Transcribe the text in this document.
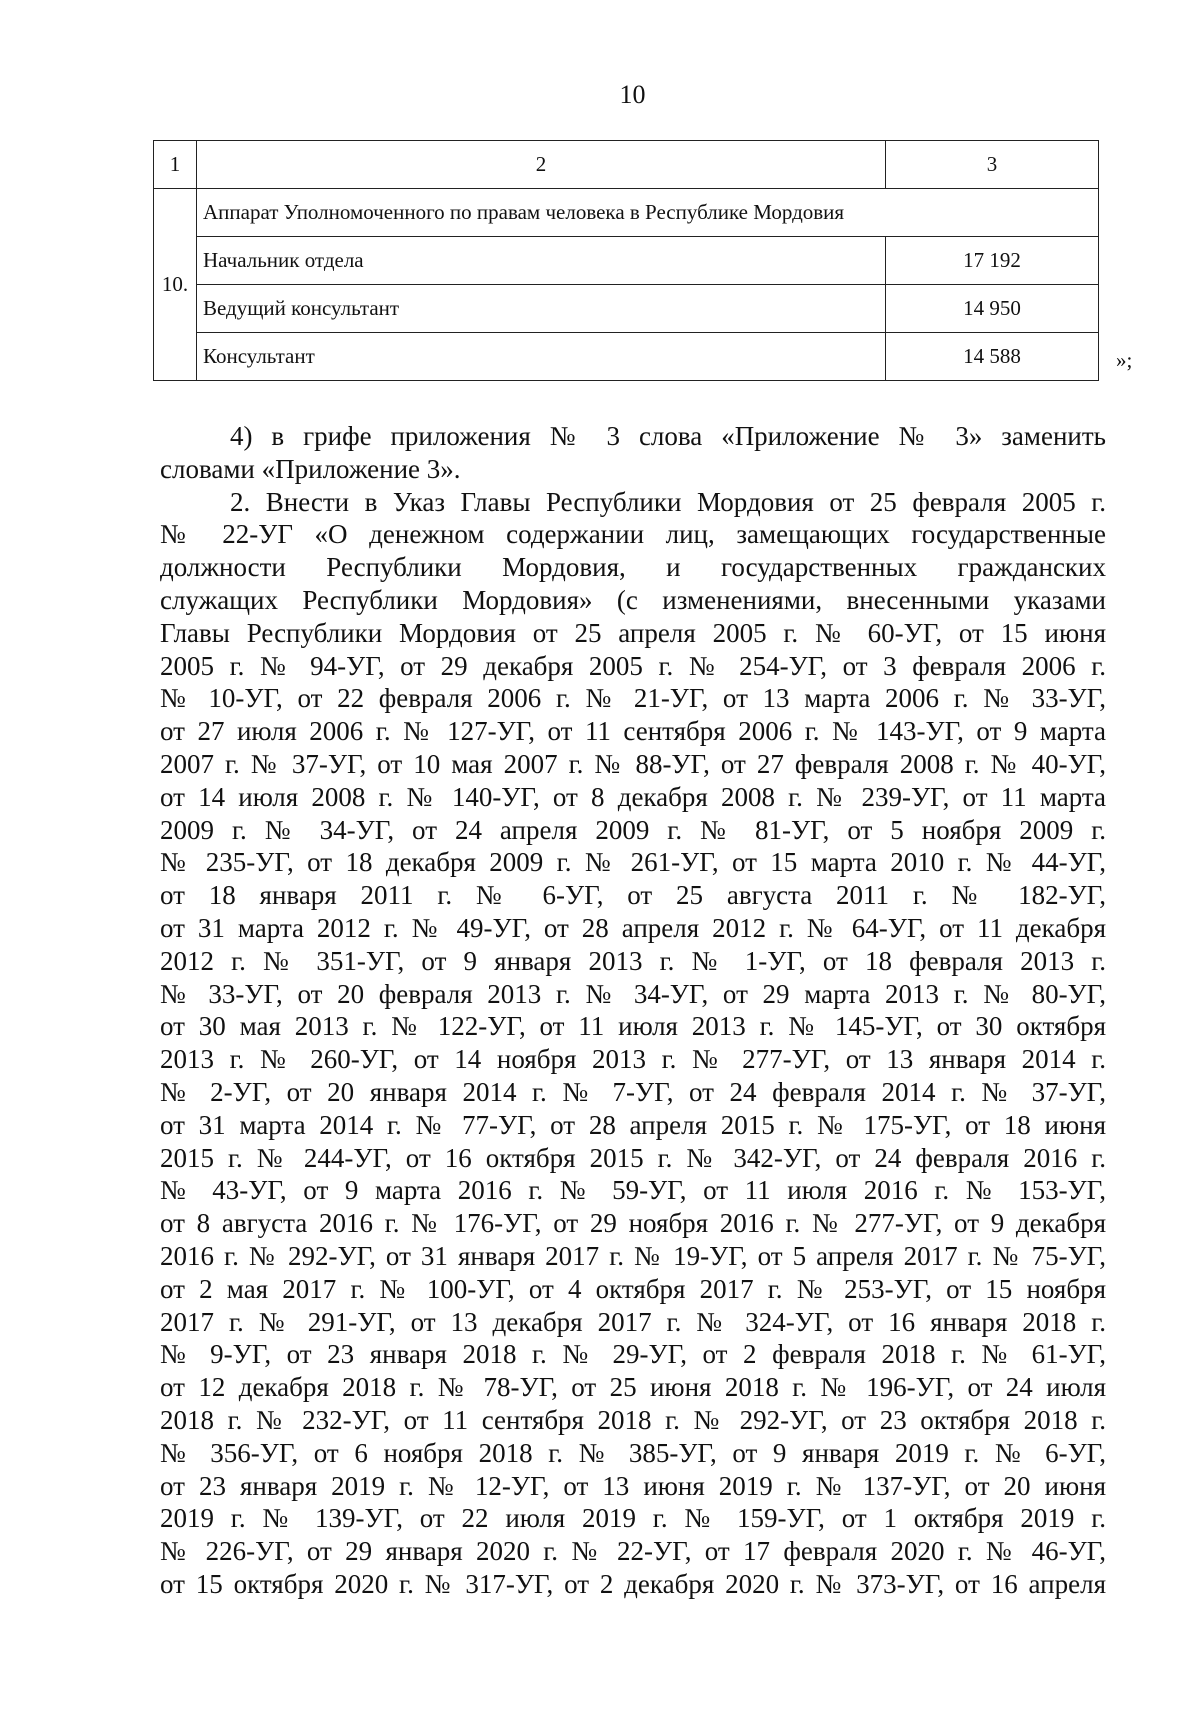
10
1	2	3
10.	Аппарат Уполномоченного по правам человека в Республике Мордовия	
	Начальник отдела	17 192
	Ведущий консультант	14 950
	Консультант	14 588	»;
4) в грифе приложения № 3 слова «Приложение № 3» заменить
словами «Приложение 3».
2. Внести в Указ Главы Республики Мордовия от 25 февраля 2005 г.
№ 22-УГ «О денежном содержании лиц, замещающих государственные
должности Республики Мордовия, и государственных гражданских
служащих Республики Мордовия» (с изменениями, внесенными указами
Главы Республики Мордовия от 25 апреля 2005 г. № 60-УГ, от 15 июня
2005 г. № 94-УГ, от 29 декабря 2005 г. № 254-УГ, от 3 февраля 2006 г.
№ 10-УГ, от 22 февраля 2006 г. № 21-УГ, от 13 марта 2006 г. № 33-УГ,
от 27 июля 2006 г. № 127-УГ, от 11 сентября 2006 г. № 143-УГ, от 9 марта
2007 г. № 37-УГ, от 10 мая 2007 г. № 88-УГ, от 27 февраля 2008 г. № 40-УГ,
от 14 июля 2008 г. № 140-УГ, от 8 декабря 2008 г. № 239-УГ, от 11 марта
2009 г. № 34-УГ, от 24 апреля 2009 г. № 81-УГ, от 5 ноября 2009 г.
№ 235-УГ, от 18 декабря 2009 г. № 261-УГ, от 15 марта 2010 г. № 44-УГ,
от 18 января 2011 г. № 6-УГ, от 25 августа 2011 г. № 182-УГ,
от 31 марта 2012 г. № 49-УГ, от 28 апреля 2012 г. № 64-УГ, от 11 декабря
2012 г. № 351-УГ, от 9 января 2013 г. № 1-УГ, от 18 февраля 2013 г.
№ 33-УГ, от 20 февраля 2013 г. № 34-УГ, от 29 марта 2013 г. № 80-УГ,
от 30 мая 2013 г. № 122-УГ, от 11 июля 2013 г. № 145-УГ, от 30 октября
2013 г. № 260-УГ, от 14 ноября 2013 г. № 277-УГ, от 13 января 2014 г.
№ 2-УГ, от 20 января 2014 г. № 7-УГ, от 24 февраля 2014 г. № 37-УГ,
от 31 марта 2014 г. № 77-УГ, от 28 апреля 2015 г. № 175-УГ, от 18 июня
2015 г. № 244-УГ, от 16 октября 2015 г. № 342-УГ, от 24 февраля 2016 г.
№ 43-УГ, от 9 марта 2016 г. № 59-УГ, от 11 июля 2016 г. № 153-УГ,
от 8 августа 2016 г. № 176-УГ, от 29 ноября 2016 г. № 277-УГ, от 9 декабря
2016 г. № 292-УГ, от 31 января 2017 г. № 19-УГ, от 5 апреля 2017 г. № 75-УГ,
от 2 мая 2017 г. № 100-УГ, от 4 октября 2017 г. № 253-УГ, от 15 ноября
2017 г. № 291-УГ, от 13 декабря 2017 г. № 324-УГ, от 16 января 2018 г.
№ 9-УГ, от 23 января 2018 г. № 29-УГ, от 2 февраля 2018 г. № 61-УГ,
от 12 декабря 2018 г. № 78-УГ, от 25 июня 2018 г. № 196-УГ, от 24 июля
2018 г. № 232-УГ, от 11 сентября 2018 г. № 292-УГ, от 23 октября 2018 г.
№ 356-УГ, от 6 ноября 2018 г. № 385-УГ, от 9 января 2019 г. № 6-УГ,
от 23 января 2019 г. № 12-УГ, от 13 июня 2019 г. № 137-УГ, от 20 июня
2019 г. № 139-УГ, от 22 июля 2019 г. № 159-УГ, от 1 октября 2019 г.
№ 226-УГ, от 29 января 2020 г. № 22-УГ, от 17 февраля 2020 г. № 46-УГ,
от 15 октября 2020 г. № 317-УГ, от 2 декабря 2020 г. № 373-УГ, от 16 апреля
